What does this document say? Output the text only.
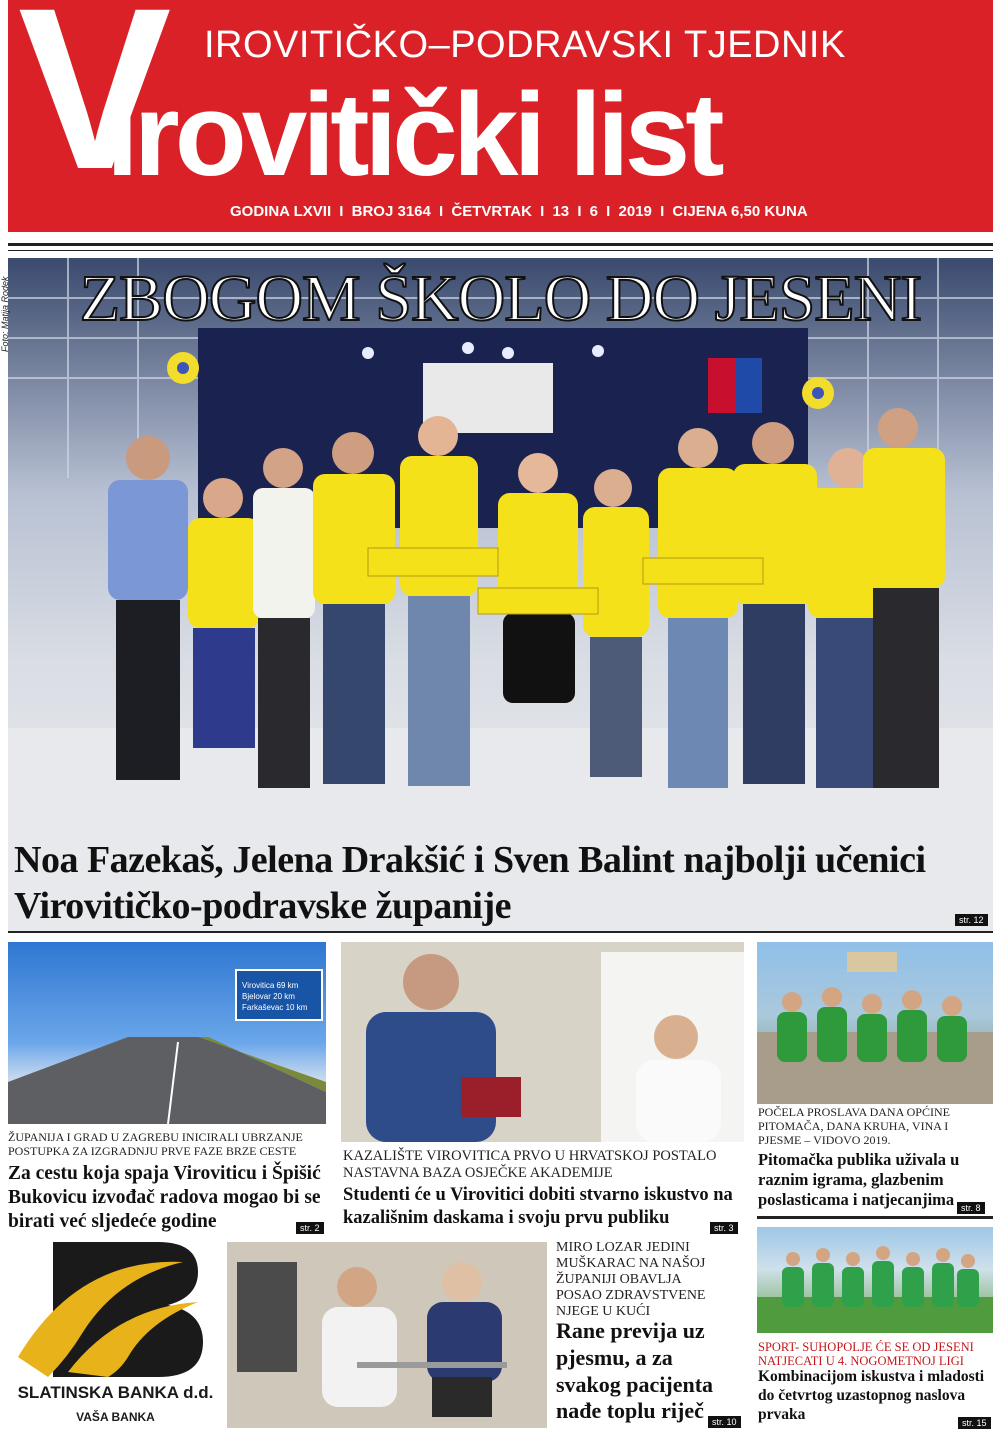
V IROVITIČKO–PODRAVSKI TJEDNIK
irovitički list
GODINA LXVII I BROJ 3164 I ČETVRTAK I 13 I 6 I 2019 I CIJENA 6,50 KUNA
Foto: Matija Rodek	ZBOGOM ŠKOLO DO JESENI
Noa Fazekaš, Jelena Drakšić i Sven Balint najbolji učenici Virovitičko-podravske županije	str. 12
Virovitica 69 km
Bjelovar 20 km
Farkaševac 10 km
ŽUPANIJA I GRAD U ZAGREBU INICIRALI UBRZANJE POSTUPKA ZA IZGRADNJU PRVE FAZE BRZE CESTE
Za cestu koja spaja Viroviticu i Špišić Bukovicu izvođač radova mogao bi se birati već sljedeće godine	str. 2
KAZALIŠTE VIROVITICA PRVO U HRVATSKOJ POSTALO NASTAVNA BAZA OSJEČKE AKADEMIJE
Studenti će u Virovitici dobiti stvarno iskustvo na kazališnim daskama i svoju prvu publiku
str. 3
POČELA PROSLAVA DANA OPĆINE PITOMAČA, DANA KRUHA, VINA I PJESME – VIDOVO 2019.
Pitomačka publika uživala u raznim igrama, glazbenim poslasticama i natjecanjima str. 8
SLATINSKA BANKA d.d.
VAŠA BANKA
MIRO LOZAR JEDINI MUŠKARAC NA NAŠOJ ŽUPANIJI OBAVLJA POSAO ZDRAVSTVENE NJEGE U KUĆI
Rane previja uz pjesmu, a za svakog pacijenta nađe toplu riječ str. 10
SPORT- SUHOPOLJE ĆE SE OD JESENI NATJECATI U 4. NOGOMETNOJ LIGI
Kombinacijom iskustva i mladosti do četvrtog uzastopnog naslova prvaka
str. 15
